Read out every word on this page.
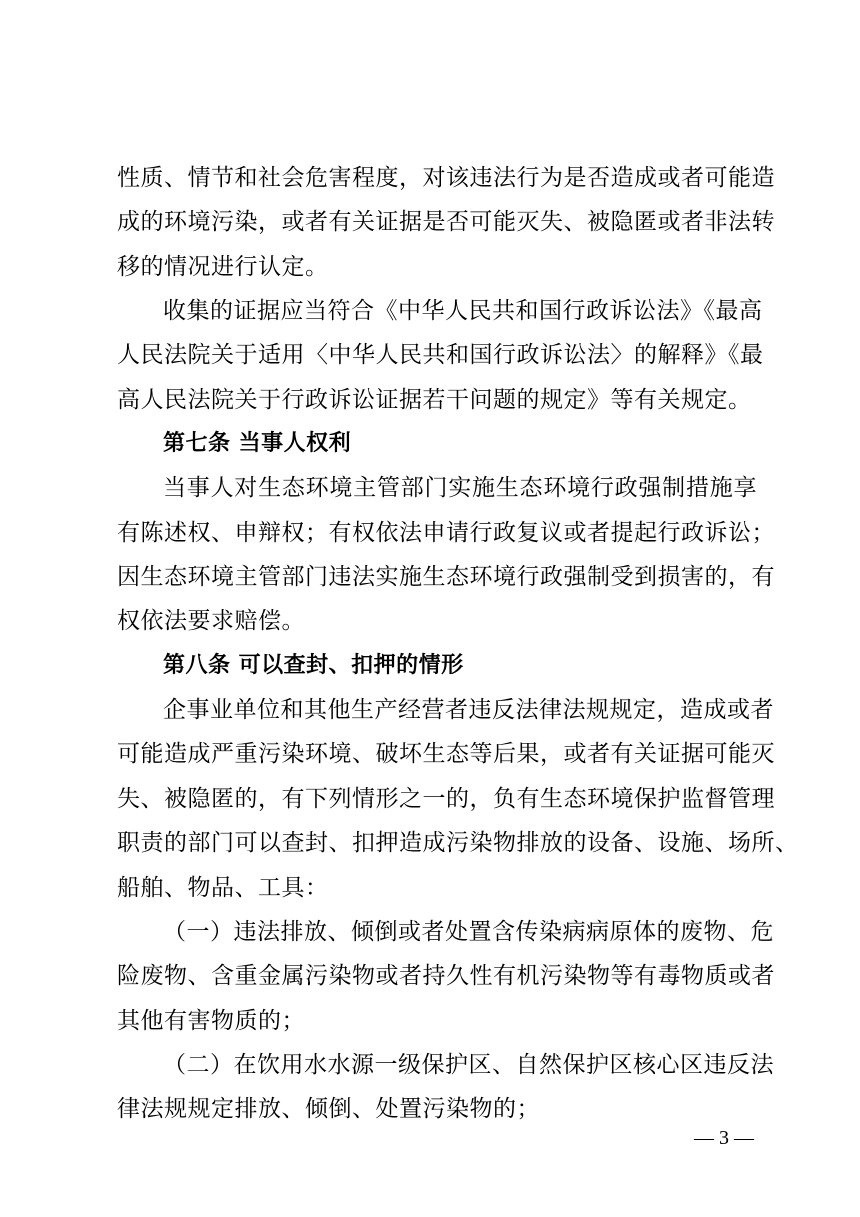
性质、情节和社会危害程度，对该违法行为是否造成或者可能造

成的环境污染，或者有关证据是否可能灭失、被隐匿或者非法转

移的情况进行认定。

收集的证据应当符合《中华人民共和国行政诉讼法》《最高

人民法院关于适用〈中华人民共和国行政诉讼法〉的解释》《最

高人民法院关于行政诉讼证据若干问题的规定》等有关规定。

第七条 当事人权利

当事人对生态环境主管部门实施生态环境行政强制措施享

有陈述权、申辩权；有权依法申请行政复议或者提起行政诉讼；

因生态环境主管部门违法实施生态环境行政强制受到损害的，有

权依法要求赔偿。

第八条 可以查封、扣押的情形

企事业单位和其他生产经营者违反法律法规规定，造成或者

可能造成严重污染环境、破坏生态等后果，或者有关证据可能灭

失、被隐匿的，有下列情形之一的，负有生态环境保护监督管理

职责的部门可以查封、扣押造成污染物排放的设备、设施、场所、

船舶、物品、工具：

（一）违法排放、倾倒或者处置含传染病病原体的废物、危

险废物、含重金属污染物或者持久性有机污染物等有毒物质或者

其他有害物质的；

（二）在饮用水水源一级保护区、自然保护区核心区违反法

律法规规定排放、倾倒、处置污染物的；

— 3 —
